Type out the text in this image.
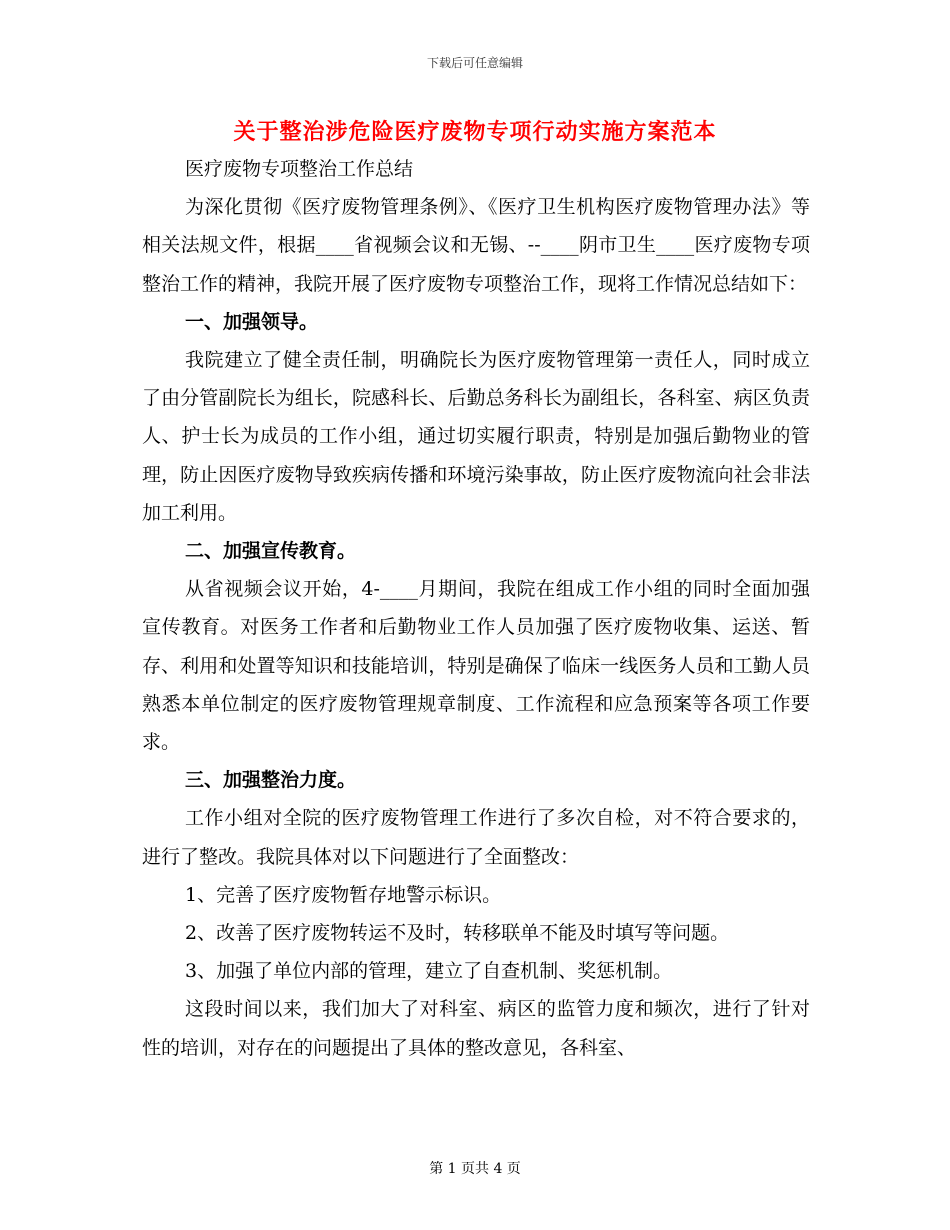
下载后可任意编辑
关于整治涉危险医疗废物专项行动实施方案范本

医疗废物专项整治工作总结

为深化贯彻《医疗废物管理条例》、《医疗卫生机构医疗废物管理办法》等相关法规文件，根据____省视频会议和无锡、--____阴市卫生____医疗废物专项整治工作的精神，我院开展了医疗废物专项整治工作，现将工作情况总结如下：

一、加强领导。

我院建立了健全责任制，明确院长为医疗废物管理第一责任人，同时成立了由分管副院长为组长，院感科长、后勤总务科长为副组长，各科室、病区负责人、护士长为成员的工作小组，通过切实履行职责，特别是加强后勤物业的管理，防止因医疗废物导致疾病传播和环境污染事故，防止医疗废物流向社会非法加工利用。

二、加强宣传教育。

从省视频会议开始，4-____月期间，我院在组成工作小组的同时全面加强宣传教育。对医务工作者和后勤物业工作人员加强了医疗废物收集、运送、暂存、利用和处置等知识和技能培训，特别是确保了临床一线医务人员和工勤人员熟悉本单位制定的医疗废物管理规章制度、工作流程和应急预案等各项工作要求。

三、加强整治力度。

工作小组对全院的医疗废物管理工作进行了多次自检，对不符合要求的，进行了整改。我院具体对以下问题进行了全面整改：

1、完善了医疗废物暂存地警示标识。

2、改善了医疗废物转运不及时，转移联单不能及时填写等问题。

3、加强了单位内部的管理，建立了自查机制、奖惩机制。

这段时间以来，我们加大了对科室、病区的监管力度和频次，进行了针对性的培训，对存在的问题提出了具体的整改意见，各科室、

第 1 页共 4 页
